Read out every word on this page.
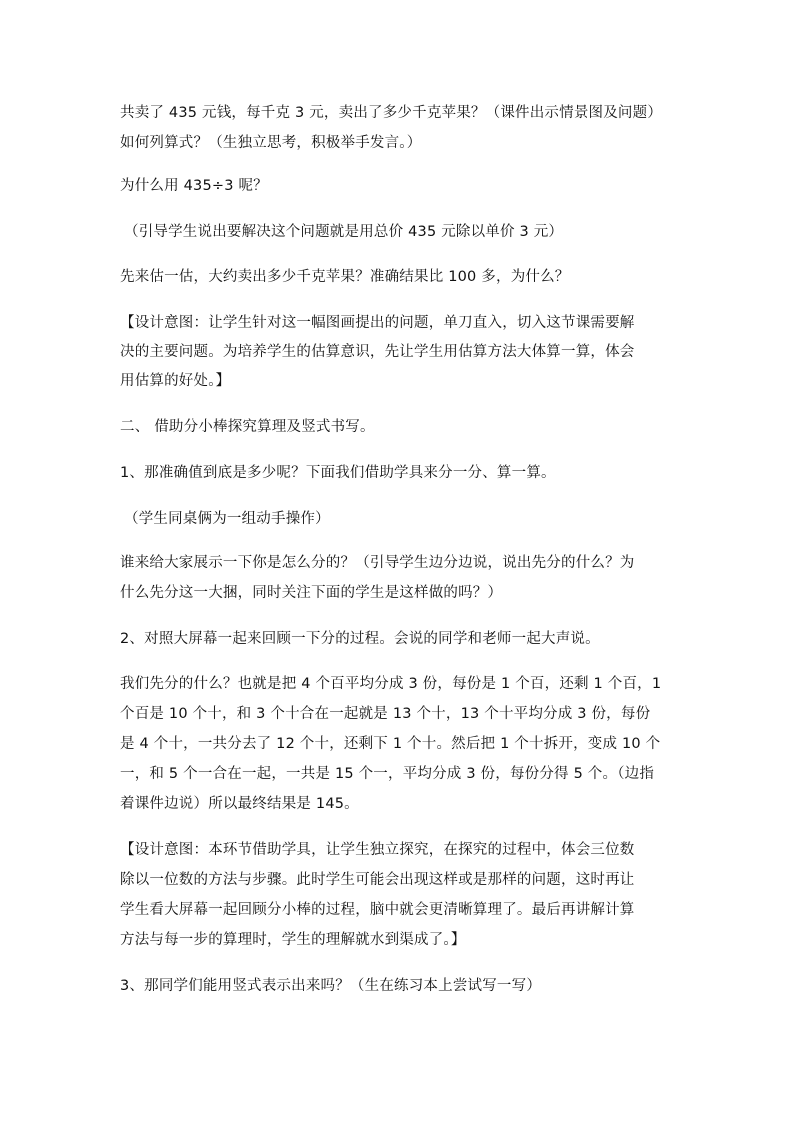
共卖了 435 元钱，每千克 3 元，卖出了多少千克苹果？（课件出示情景图及问题）
如何列算式？（生独立思考，积极举手发言。）
为什么用 435÷3 呢？
（引导学生说出要解决这个问题就是用总价 435 元除以单价 3 元）
先来估一估，大约卖出多少千克苹果？准确结果比 100 多，为什么？
【设计意图：让学生针对这一幅图画提出的问题，单刀直入，切入这节课需要解
决的主要问题。为培养学生的估算意识，先让学生用估算方法大体算一算，体会
用估算的好处。】
二、 借助分小棒探究算理及竖式书写。
1、那准确值到底是多少呢？下面我们借助学具来分一分、算一算。
（学生同桌俩为一组动手操作）
谁来给大家展示一下你是怎么分的？（引导学生边分边说，说出先分的什么？为
什么先分这一大捆，同时关注下面的学生是这样做的吗？）
2、对照大屏幕一起来回顾一下分的过程。会说的同学和老师一起大声说。
我们先分的什么？也就是把 4 个百平均分成 3 份，每份是 1 个百，还剩 1 个百，1
个百是 10 个十，和 3 个十合在一起就是 13 个十，13 个十平均分成 3 份，每份
是 4 个十，一共分去了 12 个十，还剩下 1 个十。然后把 1 个十拆开，变成 10 个
一，和 5 个一合在一起，一共是 15 个一，平均分成 3 份，每份分得 5 个。（边指
着课件边说）所以最终结果是 145。
【设计意图：本环节借助学具，让学生独立探究，在探究的过程中，体会三位数
除以一位数的方法与步骤。此时学生可能会出现这样或是那样的问题，这时再让
学生看大屏幕一起回顾分小棒的过程，脑中就会更清晰算理了。最后再讲解计算
方法与每一步的算理时，学生的理解就水到渠成了。】
3、那同学们能用竖式表示出来吗？（生在练习本上尝试写一写）
